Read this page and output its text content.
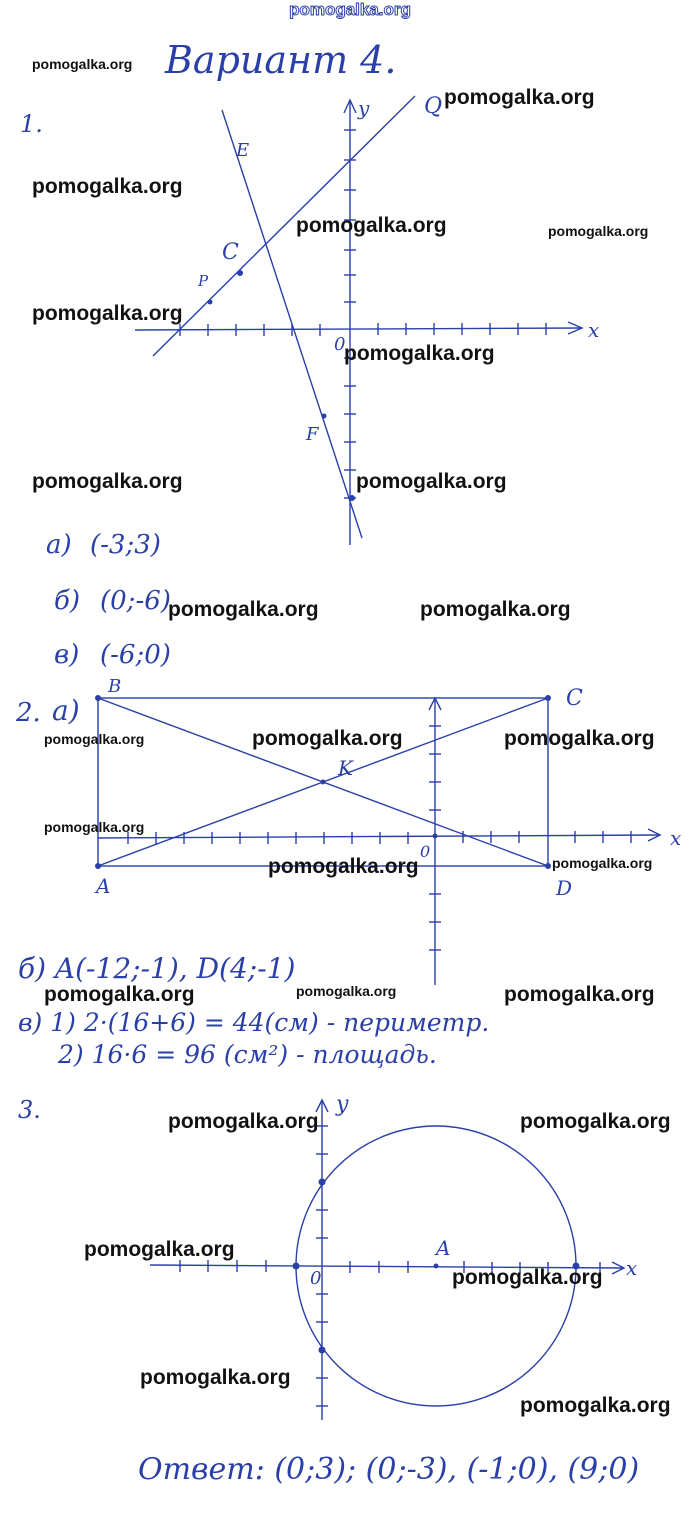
pomogalka.org
Вариант 4.
1.
y
x
0
E
C
P
F
Q
а) (-3;3)
б) (0;-6)
в) (-6;0)
2. а)
B	C
K
A	D
0
x
б) A(-12;-1), D(4;-1)
в) 1) 2·(16+6) = 44(см) - периметр.
2) 16·6 = 96 (см²) - площадь.
3.	y
x
0
A
Ответ: (0;3); (0;-3), (-1;0), (9;0)
pomogalka.org
pomogalka.org
pomogalka.org
pomogalka.org	pomogalka.org
pomogalka.org
pomogalka.org
pomogalka.org	pomogalka.org
pomogalka.org	pomogalka.org
pomogalka.org	pomogalka.org	pomogalka.org
pomogalka.org
pomogalka.org	pomogalka.org
pomogalka.org	pomogalka.org	pomogalka.org
pomogalka.org	pomogalka.org
pomogalka.org
pomogalka.org
pomogalka.org
pomogalka.org
